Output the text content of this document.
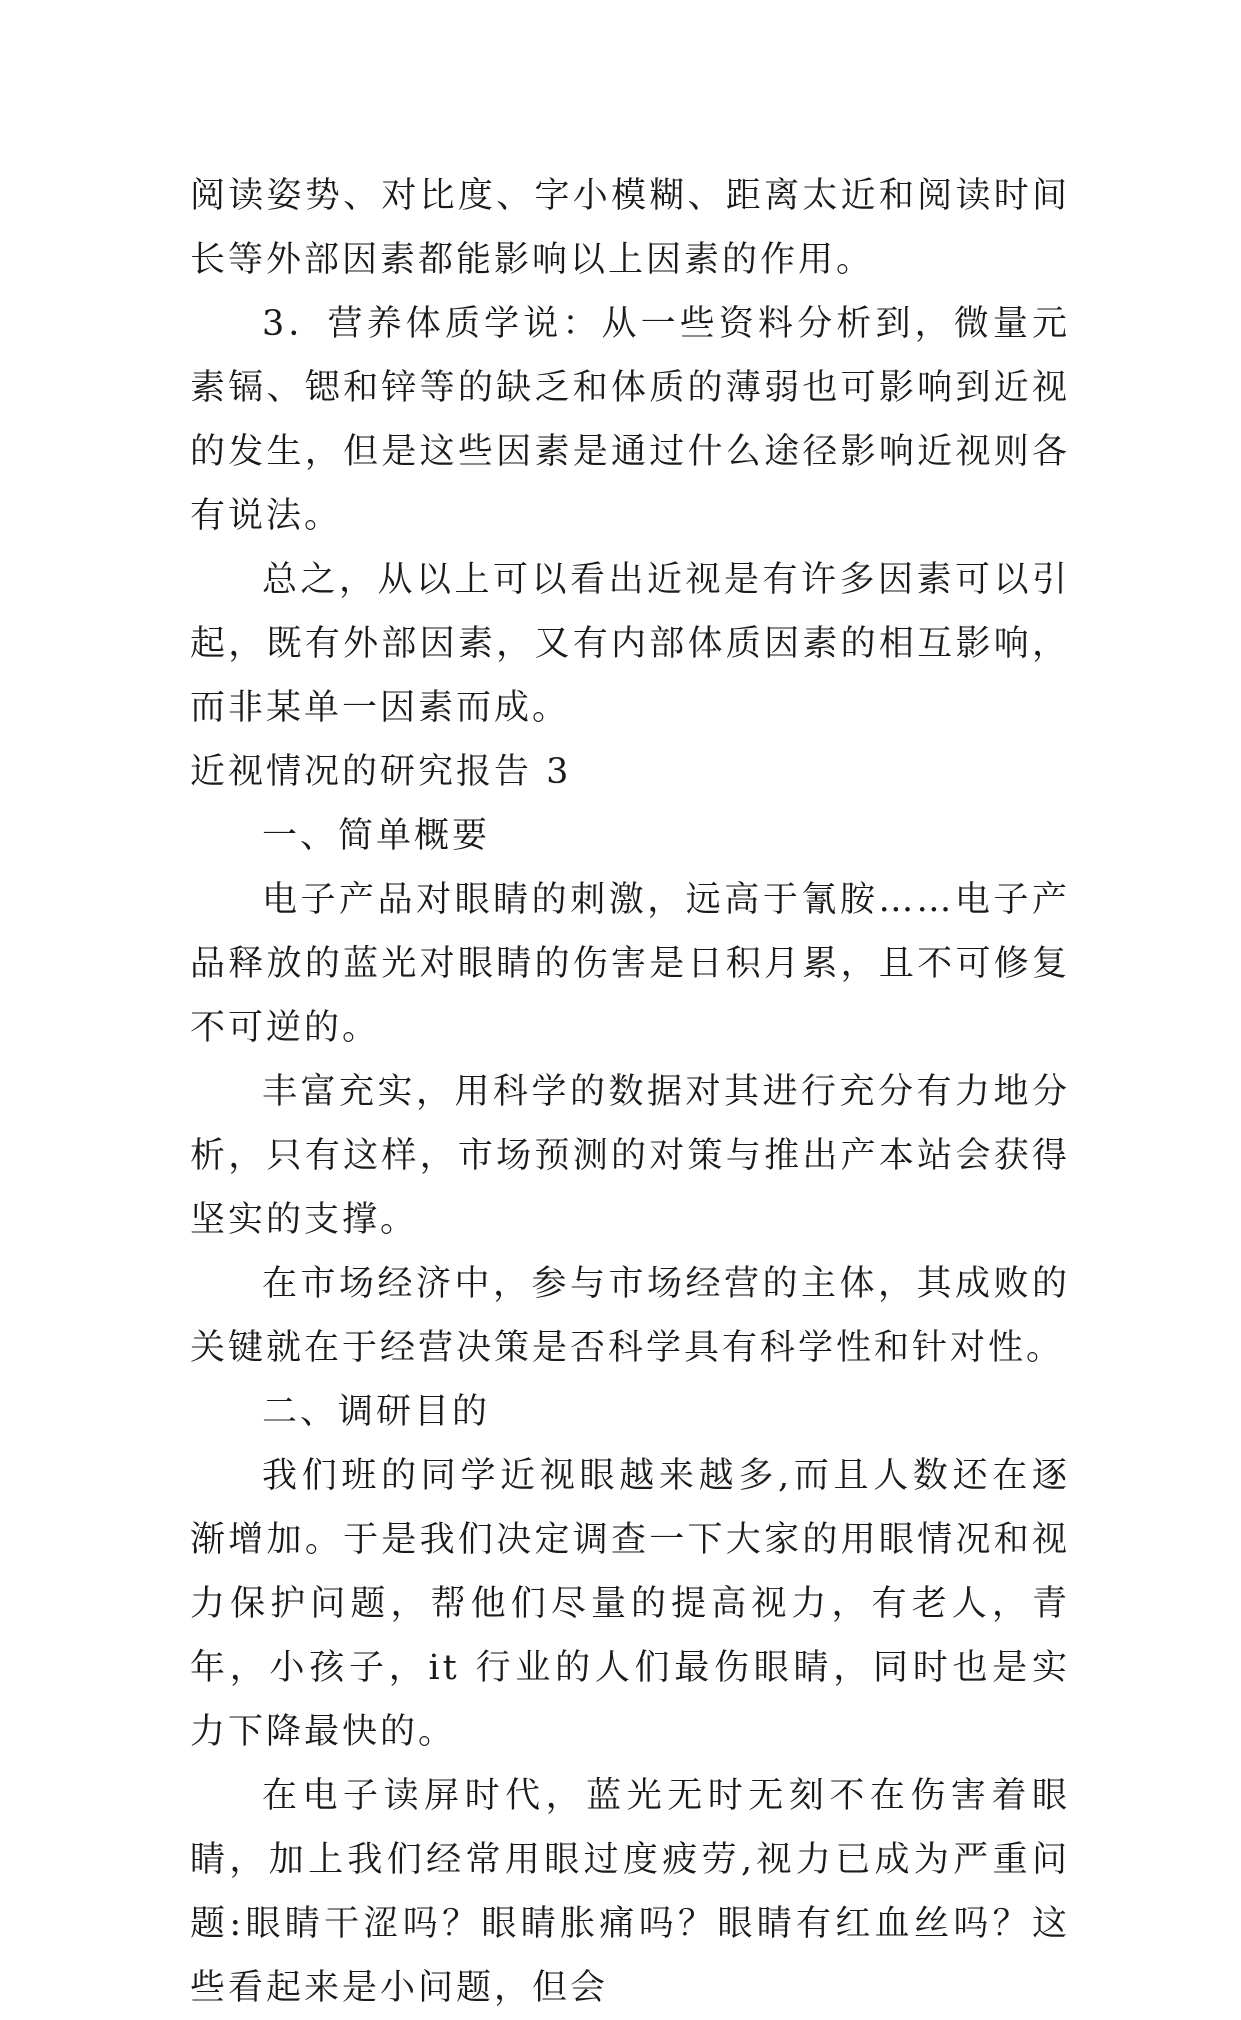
阅读姿势、对比度、字小模糊、距离太近和阅读时间长等外部因素都能影响以上因素的作用。

3．营养体质学说：从一些资料分析到，微量元素镉、锶和锌等的缺乏和体质的薄弱也可影响到近视的发生，但是这些因素是通过什么途径影响近视则各有说法。

总之，从以上可以看出近视是有许多因素可以引起，既有外部因素，又有内部体质因素的相互影响，而非某单一因素而成。

近视情况的研究报告 3

一、简单概要

电子产品对眼睛的刺激，远高于氰胺……电子产品释放的蓝光对眼睛的伤害是日积月累，且不可修复不可逆的。

丰富充实，用科学的数据对其进行充分有力地分析，只有这样，市场预测的对策与推出产本站会获得坚实的支撑。

在市场经济中，参与市场经营的主体，其成败的关键就在于经营决策是否科学具有科学性和针对性。

二、调研目的

我们班的同学近视眼越来越多,而且人数还在逐渐增加。于是我们决定调查一下大家的用眼情况和视力保护问题，帮他们尽量的提高视力，有老人，青年，小孩子，it 行业的人们最伤眼睛，同时也是实力下降最快的。

在电子读屏时代，蓝光无时无刻不在伤害着眼睛，加上我们经常用眼过度疲劳,视力已成为严重问题:眼睛干涩吗？眼睛胀痛吗？眼睛有红血丝吗？这些看起来是小问题，但会
